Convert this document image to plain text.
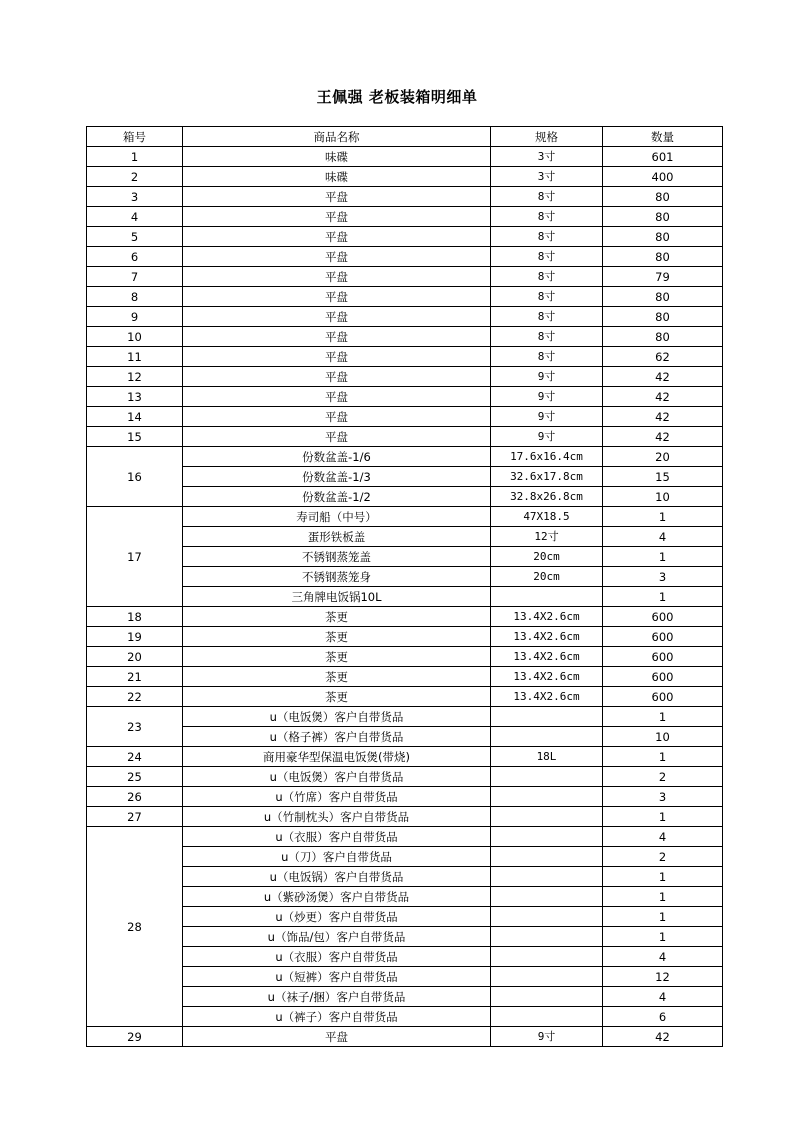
王佩强 老板装箱明细单
箱号	商品名称	规格	数量
1	味碟	3寸	601
2	味碟	3寸	400
3	平盘	8寸	80
4	平盘	8寸	80
5	平盘	8寸	80
6	平盘	8寸	80
7	平盘	8寸	79
8	平盘	8寸	80
9	平盘	8寸	80
10	平盘	8寸	80
11	平盘	8寸	62
12	平盘	9寸	42
13	平盘	9寸	42
14	平盘	9寸	42
15	平盘	9寸	42
16	份数盆盖-1/6	17.6x16.4cm	20
	份数盆盖-1/3	32.6x17.8cm	15
	份数盆盖-1/2	32.8x26.8cm	10
17	寿司船（中号）	47X18.5	1
	蛋形铁板盖	12寸	4
	不锈钢蒸笼盖	20cm	1
	不锈钢蒸笼身	20cm	3
	三角牌电饭锅10L		1
18	茶更	13.4X2.6cm	600
19	茶更	13.4X2.6cm	600
20	茶更	13.4X2.6cm	600
21	茶更	13.4X2.6cm	600
22	茶更	13.4X2.6cm	600
23	u（电饭煲）客户自带货品		1
	u（格子裤）客户自带货品		10
24	商用豪华型保温电饭煲(带烧)	18L	1
25	u（电饭煲）客户自带货品		2
26	u（竹席）客户自带货品		3
27	u（竹制枕头）客户自带货品		1
28	u（衣服）客户自带货品		4
	u（刀）客户自带货品		2
	u（电饭锅）客户自带货品		1
	u（紫砂汤煲）客户自带货品		1
	u（炒更）客户自带货品		1
	u（饰品/包）客户自带货品		1
	u（衣服）客户自带货品		4
	u（短裤）客户自带货品		12
	u（袜子/捆）客户自带货品		4
	u（裤子）客户自带货品		6
29	平盘	9寸	42
